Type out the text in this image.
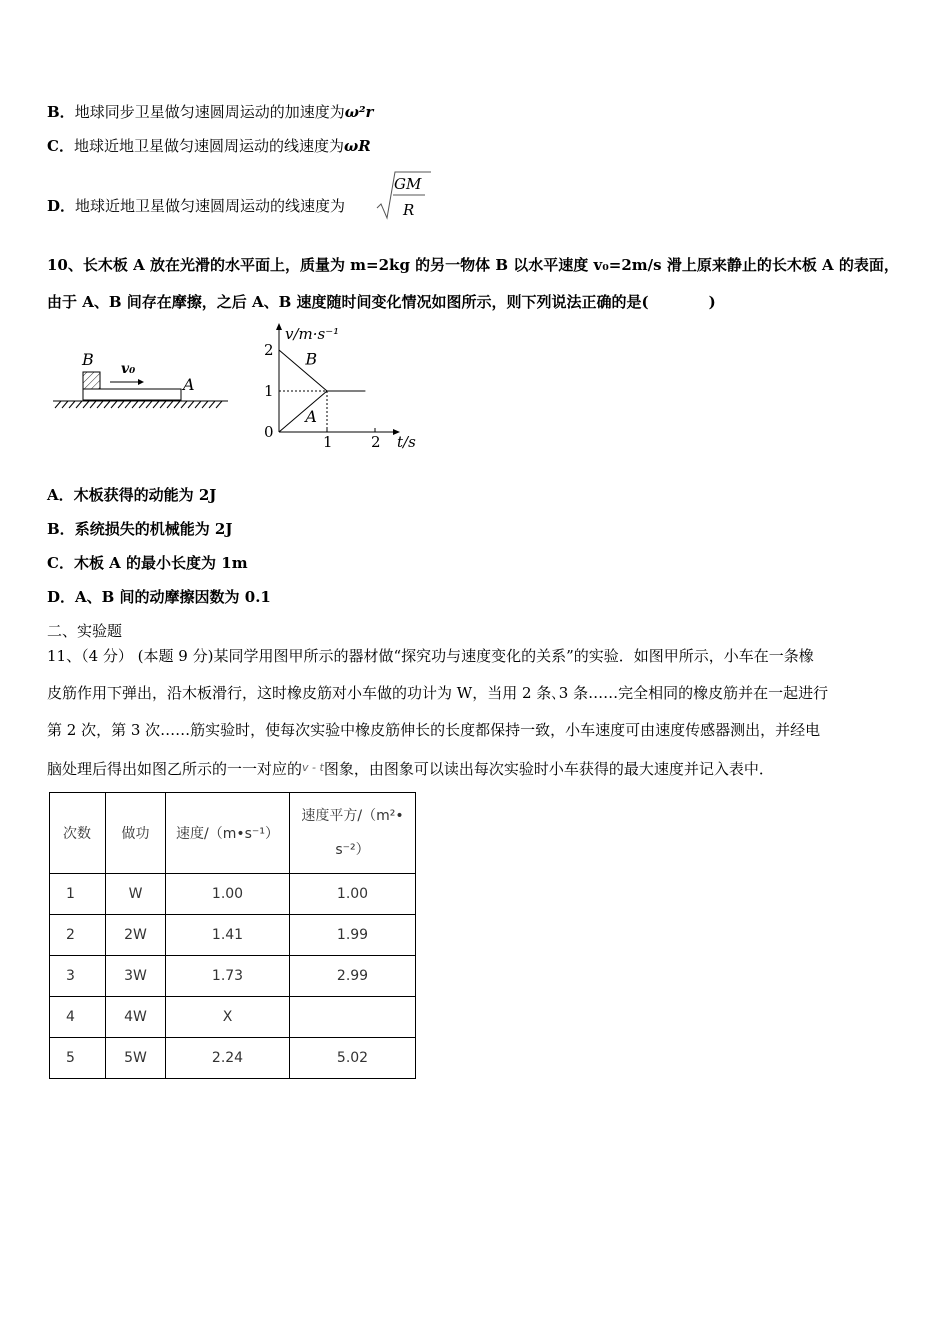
B．地球同步卫星做匀速圆周运动的加速度为ω²r
C．地球近地卫星做匀速圆周运动的线速度为ωR
D．地球近地卫星做匀速圆周运动的线速度为
GM
R
10、长木板 A 放在光滑的水平面上，质量为 m=2kg 的另一物体 B 以水平速度 v₀=2m/s 滑上原来静止的长木板 A 的表面，
由于 A、B 间存在摩擦，之后 A、B 速度随时间变化情况如图所示，则下列说法正确的是(　　　　)
B v₀
A
v/m·s⁻¹
t/s
0
1
2
1	2
B
A
A．木板获得的动能为 2J
B．系统损失的机械能为 2J
C．木板 A 的最小长度为 1m
D．A、B 间的动摩擦因数为 0.1
二、实验题
11、（4 分） (本题 9 分)某同学用图甲所示的器材做“探究功与速度变化的关系”的实验．如图甲所示，小车在一条橡
皮筋作用下弹出，沿木板滑行，这时橡皮筋对小车做的功计为 W，当用 2 条､3 条……完全相同的橡皮筋并在一起进行
第 2 次，第 3 次……筋实验时，使每次实验中橡皮筋伸长的长度都保持一致，小车速度可由速度传感器测出，并经电
脑处理后得出如图乙所示的一一对应的$^{v - t}$图象，由图象可以读出每次实验时小车获得的最大速度并记入表中．
次数	做功	速度/（m•s⁻¹）	速度平方/（m²•
s⁻²）

1	W	1.00	1.00
2	2W	1.41	1.99
3	3W	1.73	2.99
4	4W	X	
5	5W	2.24	5.02
